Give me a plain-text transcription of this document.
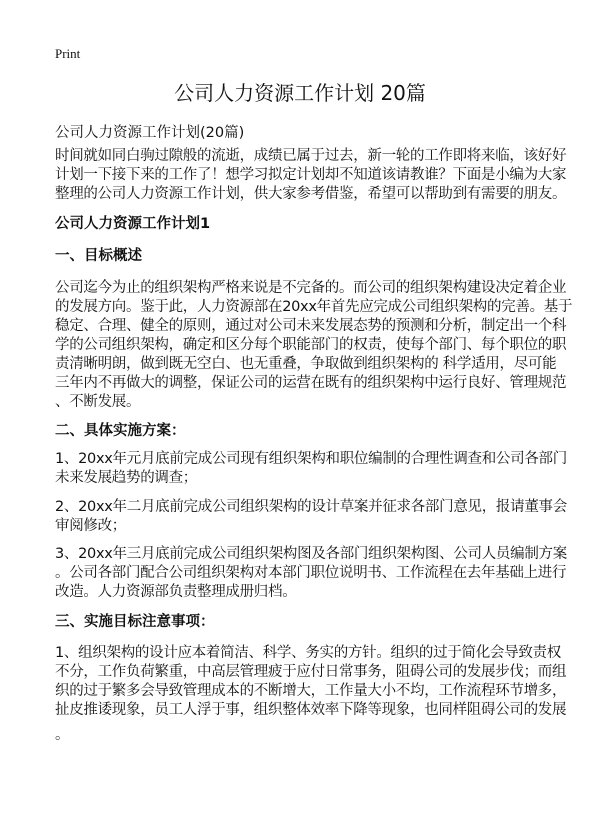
Print
公司人力资源工作计划 20篇
公司人力资源工作计划(20篇)
时间就如同白驹过隙般的流逝，成绩已属于过去，新一轮的工作即将来临，该好好
计划一下接下来的工作了！想学习拟定计划却不知道该请教谁？下面是小编为大家
整理的公司人力资源工作计划，供大家参考借鉴，希望可以帮助到有需要的朋友。
公司人力资源工作计划1
一、目标概述
公司迄今为止的组织架构严格来说是不完备的。而公司的组织架构建设决定着企业
的发展方向。鉴于此，人力资源部在20xx年首先应完成公司组织架构的完善。基于
稳定、合理、健全的原则，通过对公司未来发展态势的预测和分析，制定出一个科
学的公司组织架构，确定和区分每个职能部门的权责，使每个部门、每个职位的职
责清晰明朗，做到既无空白、也无重叠，争取做到组织架构的 科学适用，尽可能
三年内不再做大的调整，保证公司的运营在既有的组织架构中运行良好、管理规范
、不断发展。
二、具体实施方案：
1、20xx年元月底前完成公司现有组织架构和职位编制的合理性调查和公司各部门
未来发展趋势的调查；
2、20xx年二月底前完成公司组织架构的设计草案并征求各部门意见，报请董事会
审阅修改；
3、20xx年三月底前完成公司组织架构图及各部门组织架构图、公司人员编制方案
。公司各部门配合公司组织架构对本部门职位说明书、工作流程在去年基础上进行
改造。人力资源部负责整理成册归档。
三、实施目标注意事项：
1、组织架构的设计应本着简洁、科学、务实的方针。组织的过于简化会导致责权
不分，工作负荷繁重，中高层管理疲于应付日常事务，阻碍公司的发展步伐；而组
织的过于繁多会导致管理成本的不断增大，工作量大小不均，工作流程环节增多，
扯皮推诿现象，员工人浮于事，组织整体效率下降等现象，也同样阻碍公司的发展
。
